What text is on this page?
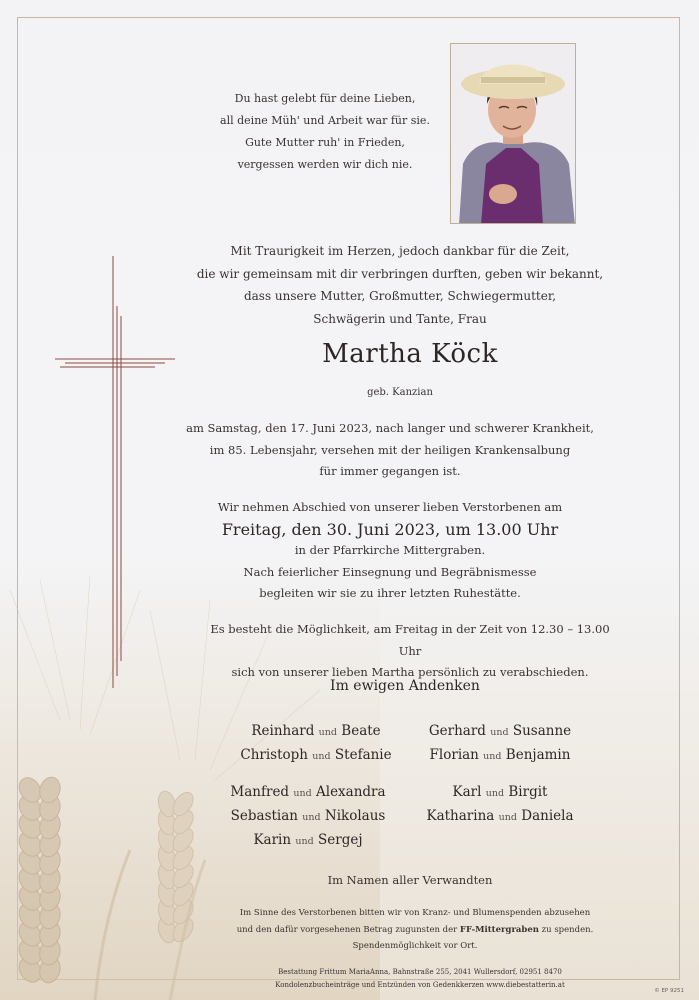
Du hast gelebt für deine Lieben,
all deine Müh' und Arbeit war für sie.
Gute Mutter ruh' in Frieden,
vergessen werden wir dich nie.
Mit Traurigkeit im Herzen, jedoch dankbar für die Zeit,
die wir gemeinsam mit dir verbringen durften, geben wir bekannt,
dass unsere Mutter, Großmutter, Schwiegermutter,
Schwägerin und Tante, Frau
Martha Köck
geb. Kanzian
am Samstag, den 17. Juni 2023, nach langer und schwerer Krankheit,
im 85. Lebensjahr, versehen mit der heiligen Krankensalbung
für immer gegangen ist.
Wir nehmen Abschied von unserer lieben Verstorbenen am
Freitag, den 30. Juni 2023, um 13.00 Uhr
in der Pfarrkirche Mittergraben.
Nach feierlicher Einsegnung und Begräbnismesse
begleiten wir sie zu ihrer letzten Ruhestätte.
Es besteht die Möglichkeit, am Freitag in der Zeit von 12.30 – 13.00 Uhr
sich von unserer lieben Martha persönlich zu verabschieden.
Im ewigen Andenken
Reinhard und Beate
Christoph und Stefanie
Gerhard und Susanne
Florian und Benjamin
Manfred und Alexandra
Sebastian und Nikolaus
Karin und Sergej
Karl und Birgit
Katharina und Daniela
Im Namen aller Verwandten
Im Sinne des Verstorbenen bitten wir von Kranz- und Blumenspenden abzusehen
und den dafür vorgesehenen Betrag zugunsten der FF-Mittergraben zu spenden.
Spendenmöglichkeit vor Ort.
Bestattung Frittum MariaAnna, Bahnstraße 255, 2041 Wullersdorf, 02951 8470
Kondolenzbucheinträge und Entzünden von Gedenkkerzen www.diebestatterin.at
© EP 9251
